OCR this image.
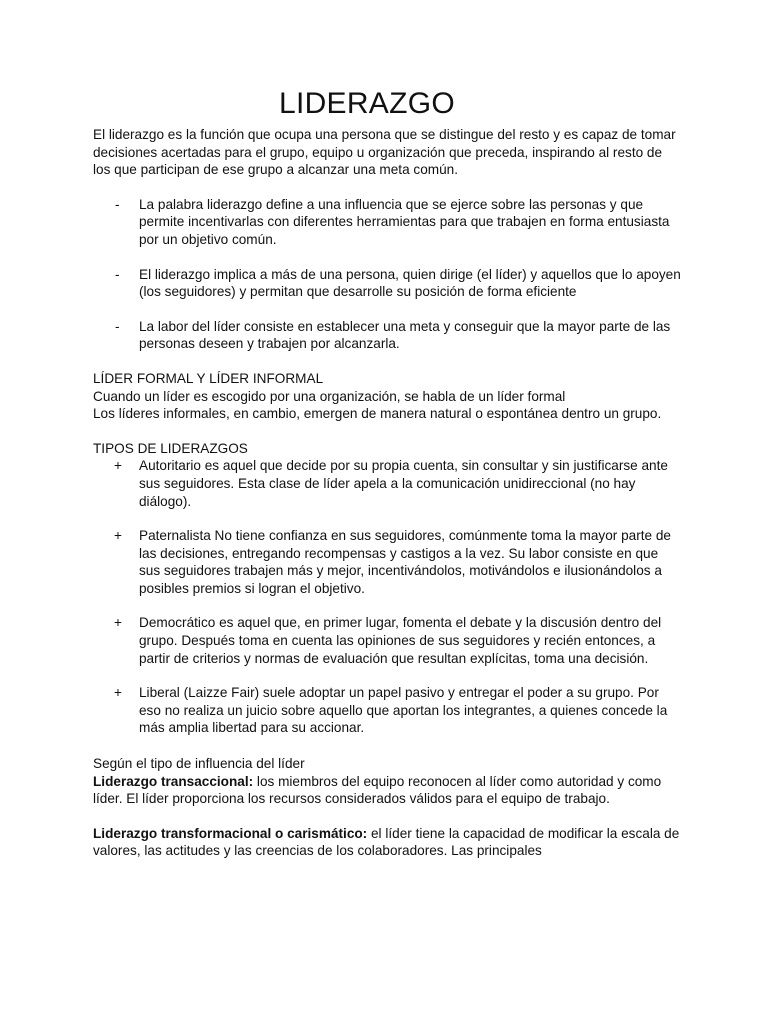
LIDERAZGO

El liderazgo es la función que ocupa una persona que se distingue del resto y es capaz de tomar decisiones acertadas para el grupo, equipo u organización que preceda, inspirando al resto de los que participan de ese grupo a alcanzar una meta común.

- La palabra liderazgo define a una influencia que se ejerce sobre las personas y que permite incentivarlas con diferentes herramientas para que trabajen en forma entusiasta por un objetivo común.
- El liderazgo implica a más de una persona, quien dirige (el líder) y aquellos que lo apoyen (los seguidores) y permitan que desarrolle su posición de forma eficiente
- La labor del líder consiste en establecer una meta y conseguir que la mayor parte de las personas deseen y trabajen por alcanzarla.

LÍDER FORMAL Y LÍDER INFORMAL

Cuando un líder es escogido por una organización, se habla de un líder formal

Los líderes informales, en cambio, emergen de manera natural o espontánea dentro un grupo.

TIPOS DE LIDERAZGOS

+ Autoritario es aquel que decide por su propia cuenta, sin consultar y sin justificarse ante sus seguidores. Esta clase de líder apela a la comunicación unidireccional (no hay diálogo).
+ Paternalista No tiene confianza en sus seguidores, comúnmente toma la mayor parte de las decisiones, entregando recompensas y castigos a la vez. Su labor consiste en que sus seguidores trabajen más y mejor, incentivándolos, motivándolos e ilusionándolos a posibles premios si logran el objetivo.
+ Democrático es aquel que, en primer lugar, fomenta el debate y la discusión dentro del grupo. Después toma en cuenta las opiniones de sus seguidores y recién entonces, a partir de criterios y normas de evaluación que resultan explícitas, toma una decisión.
+ Liberal (Laizze Fair) suele adoptar un papel pasivo y entregar el poder a su grupo. Por eso no realiza un juicio sobre aquello que aportan los integrantes, a quienes concede la más amplia libertad para su accionar.

Según el tipo de influencia del líder

Liderazgo transaccional: los miembros del equipo reconocen al líder como autoridad y como líder. El líder proporciona los recursos considerados válidos para el equipo de trabajo.

Liderazgo transformacional o carismático: el líder tiene la capacidad de modificar la escala de valores, las actitudes y las creencias de los colaboradores. Las principales
